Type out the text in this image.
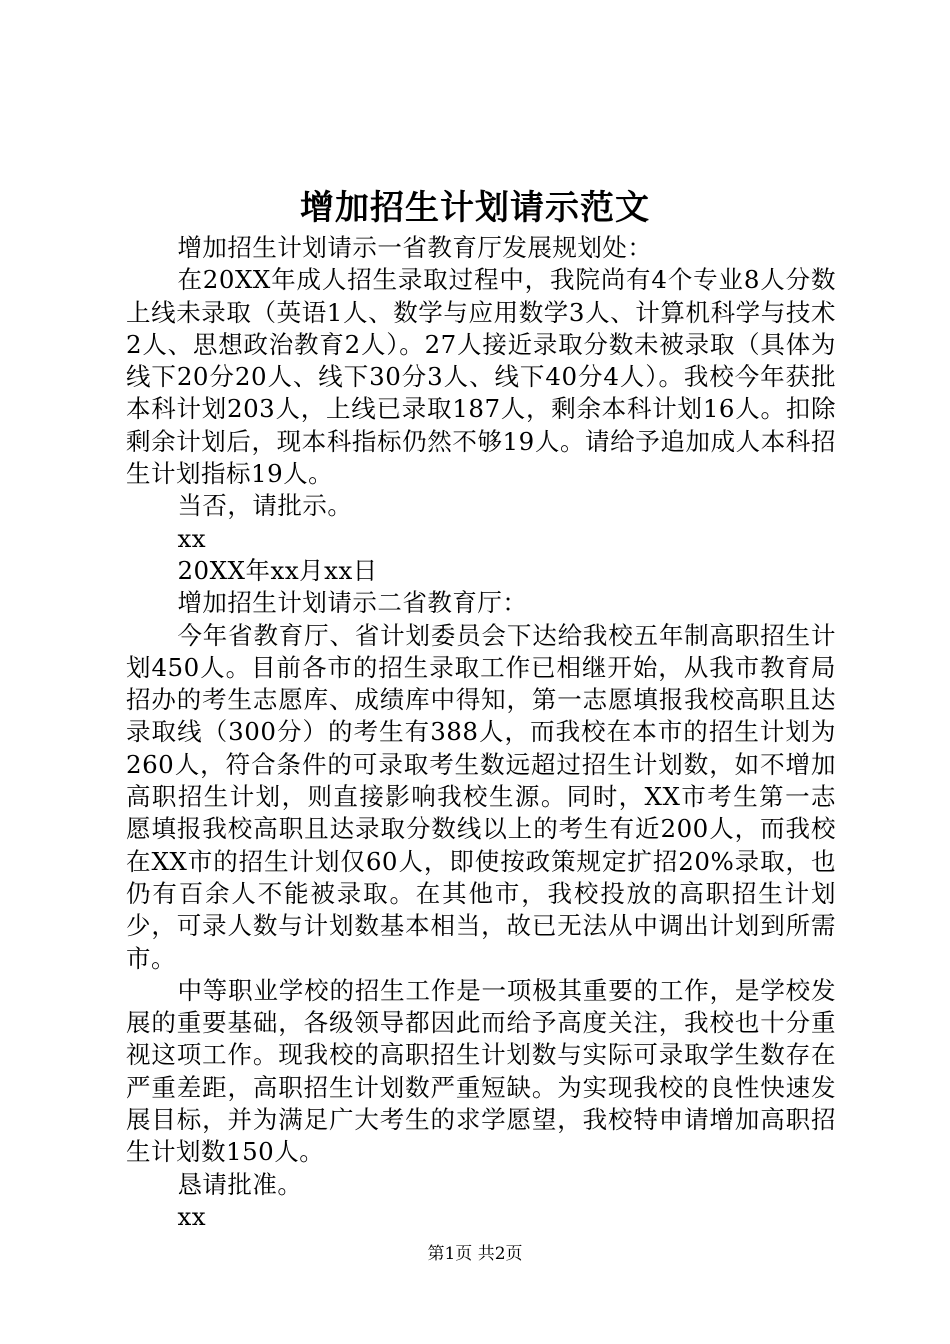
增加招生计划请示范文

增加招生计划请示一省教育厅发展规划处：

在20XX年成人招生录取过程中，我院尚有4个专业8人分数上线未录取（英语1人、数学与应用数学3人、计算机科学与技术2人、思想政治教育2人）。27人接近录取分数未被录取（具体为线下20分20人、线下30分3人、线下40分4人）。我校今年获批本科计划203人，上线已录取187人，剩余本科计划16人。扣除剩余计划后，现本科指标仍然不够19人。请给予追加成人本科招生计划指标19人。

当否，请批示。

xx

20XX年xx月xx日

增加招生计划请示二省教育厅：

今年省教育厅、省计划委员会下达给我校五年制高职招生计划450人。目前各市的招生录取工作已相继开始，从我市教育局招办的考生志愿库、成绩库中得知，第一志愿填报我校高职且达录取线（300分）的考生有388人，而我校在本市的招生计划为260人，符合条件的可录取考生数远超过招生计划数，如不增加高职招生计划，则直接影响我校生源。同时，XX市考生第一志愿填报我校高职且达录取分数线以上的考生有近200人，而我校在XX市的招生计划仅60人，即使按政策规定扩招20%录取，也仍有百余人不能被录取。在其他市，我校投放的高职招生计划少，可录人数与计划数基本相当，故已无法从中调出计划到所需市。

中等职业学校的招生工作是一项极其重要的工作，是学校发展的重要基础，各级领导都因此而给予高度关注，我校也十分重视这项工作。现我校的高职招生计划数与实际可录取学生数存在严重差距，高职招生计划数严重短缺。为实现我校的良性快速发展目标，并为满足广大考生的求学愿望，我校特申请增加高职招生计划数150人。

恳请批准。

xx

第1页 共2页
